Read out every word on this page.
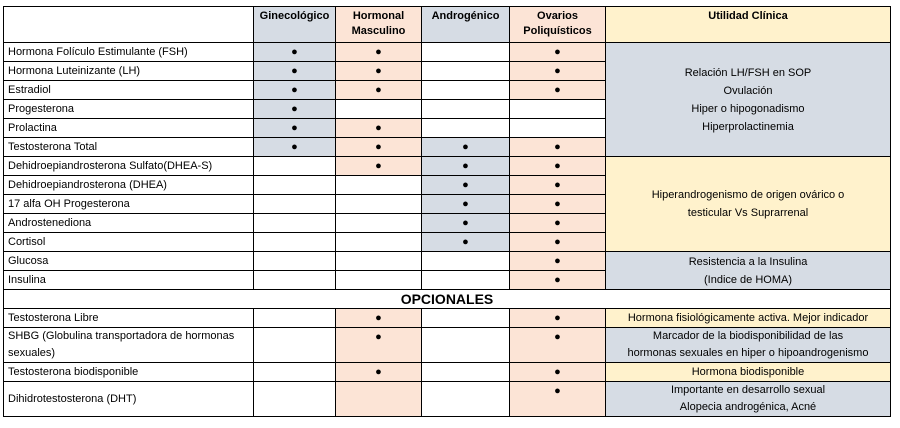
	Ginecológico	Hormonal Masculino	Androgénico	Ovarios Poliquísticos	Utilidad Clínica
Hormona Folículo Estimulante (FSH)	●	●		●	Relación LH/FSH en SOP
Ovulación
Hiper o hipogonadismo
Hiperprolactinemia

Hormona Luteinizante (LH)	●	●		●	
Estradiol	●	●		●	
Progesterona	●				
Prolactina	●	●			
Testosterona Total	●	●	●	●	
Dehidroepiandrosterona Sulfato(DHEA-S)		●	●	●	Hiperandrogenismo de origen ovárico o
testicular Vs Suprarrenal

Dehidroepiandrosterona (DHEA)			●	●	
17 alfa OH Progesterona			●	●	
Androstenediona			●	●	
Cortisol			●	●	
Glucosa				●	Resistencia a la Insulina
(Indice de HOMA)

Insulina				●	
OPCIONALES					
Testosterona Libre		●		●	Hormona fisiológicamente activa. Mejor indicador

SHBG (Globulina transportadora de hormonas sexuales)		●		●	Marcador de la biodisponibilidad de las
hormonas sexuales en hiper o hipoandrogenismo

Testosterona biodisponible		●		●	Hormona biodisponible

Dihidrotestosterona (DHT)				●	Importante en desarrollo sexual
Alopecia androgénica, Acné
